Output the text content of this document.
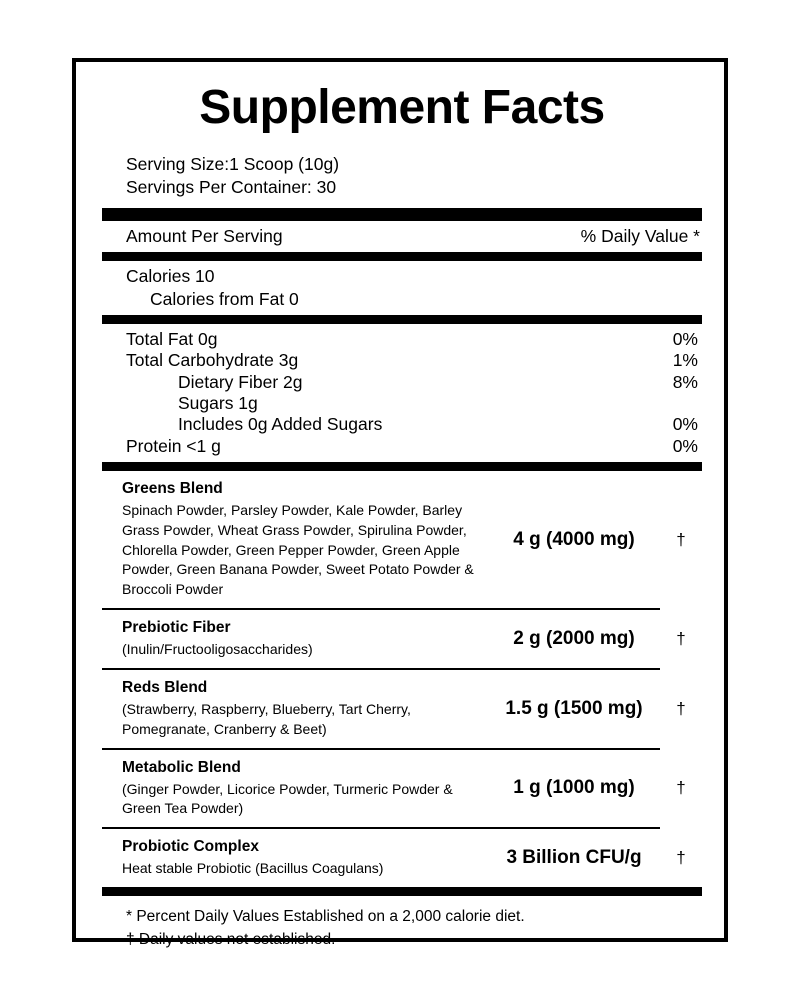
Supplement Facts
Serving Size:1 Scoop (10g)
Servings Per Container: 30
Amount Per Serving	% Daily Value *
Calories 10
Calories from Fat 0
Total Fat 0g	0%
Total Carbohydrate 3g	1%
Dietary Fiber 2g	8%
Sugars 1g
Includes 0g Added Sugars	0%
Protein <1 g	0%
Greens Blend
Spinach Powder, Parsley Powder, Kale Powder, Barley Grass Powder, Wheat Grass Powder, Spirulina Powder, Chlorella Powder, Green Pepper Powder, Green Apple Powder, Green Banana Powder, Sweet Potato Powder & Broccoli Powder
4 g (4000 mg)	†
Prebiotic Fiber
(Inulin/Fructooligosaccharides)
2 g (2000 mg)	†
Reds Blend
(Strawberry, Raspberry, Blueberry, Tart Cherry, Pomegranate, Cranberry & Beet)
1.5 g (1500 mg)	†
Metabolic Blend
(Ginger Powder, Licorice Powder, Turmeric Powder & Green Tea Powder)
1 g (1000 mg)	†
Probiotic Complex
Heat stable Probiotic (Bacillus Coagulans)
3 Billion CFU/g	†
* Percent Daily Values Established on a 2,000 calorie diet.
† Daily values not established.
